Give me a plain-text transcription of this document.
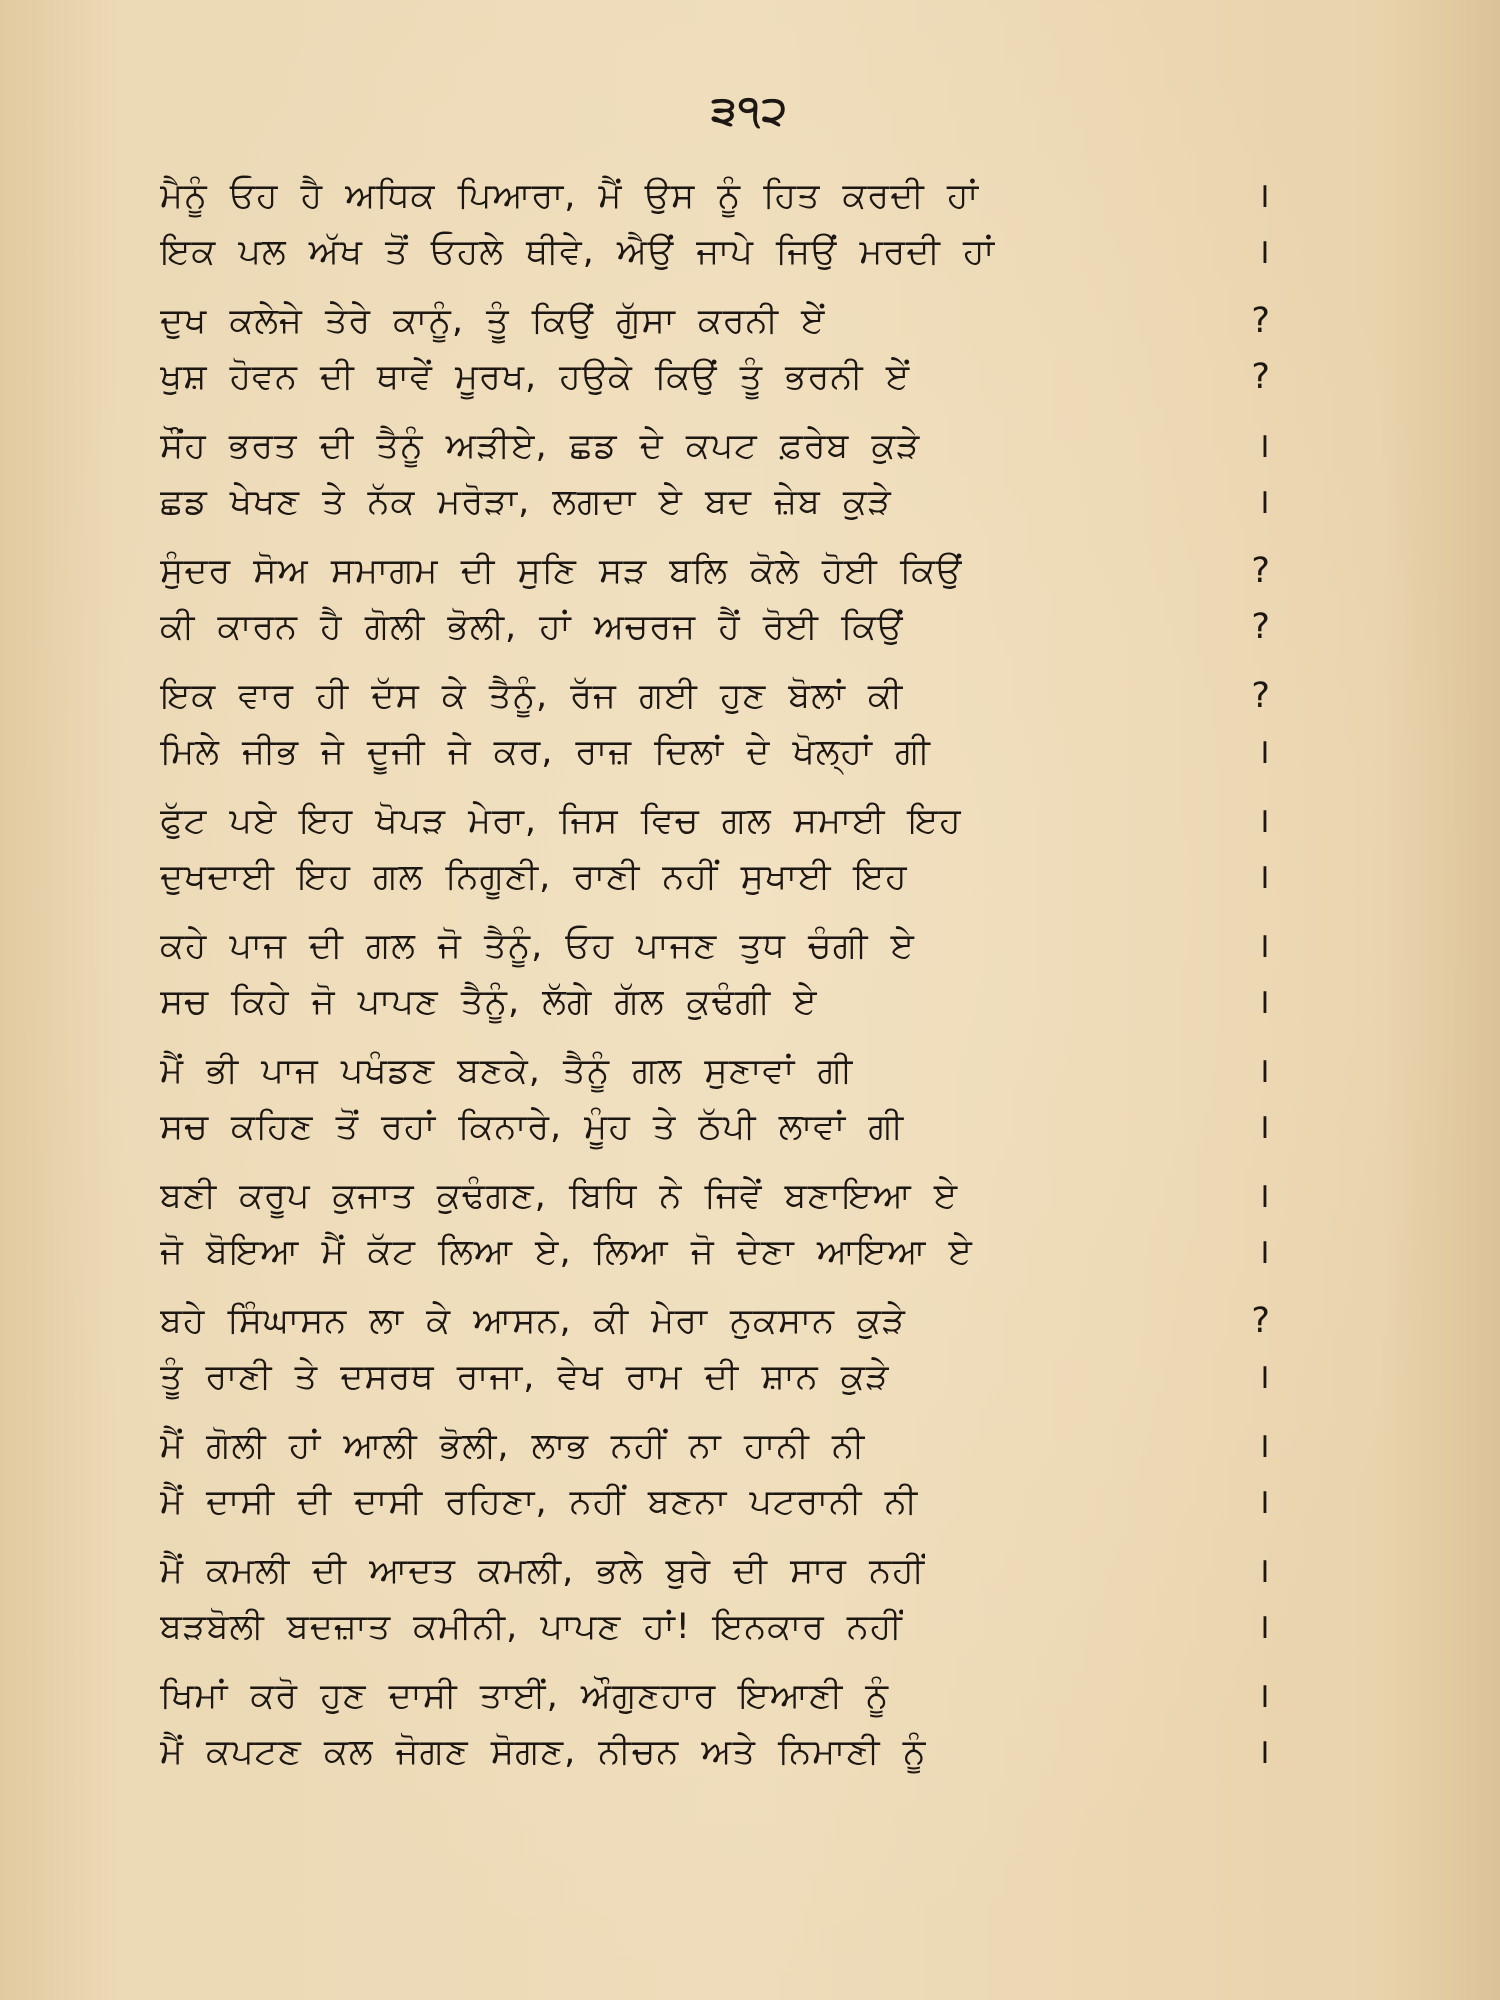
੩੧੨
ਮੈਨੂੰ ਓਹ ਹੈ ਅਧਿਕ ਪਿਆਰਾ, ਮੈਂ ਉਸ ਨੂੰ ਹਿਤ ਕਰਦੀ ਹਾਂ	।
ਇਕ ਪਲ ਅੱਖ ਤੋਂ ਓਹਲੇ ਥੀਵੇ, ਐਉਂ ਜਾਪੇ ਜਿਉਂ ਮਰਦੀ ਹਾਂ	।
ਦੁਖ ਕਲੇਜੇ ਤੇਰੇ ਕਾਨੂੰ, ਤੂੰ ਕਿਉਂ ਗੁੱਸਾ ਕਰਨੀ ਏਂ	?
ਖੁਸ਼ ਹੋਵਨ ਦੀ ਥਾਵੇਂ ਮੂਰਖ, ਹਉਕੇ ਕਿਉਂ ਤੂੰ ਭਰਨੀ ਏਂ	?
ਸੌਂਹ ਭਰਤ ਦੀ ਤੈਨੂੰ ਅੜੀਏ, ਛਡ ਦੇ ਕਪਟ ਫ਼ਰੇਬ ਕੁੜੇ	।
ਛਡ ਖੇਖਣ ਤੇ ਨੱਕ ਮਰੋੜਾ, ਲਗਦਾ ਏ ਬਦ ਜ਼ੇਬ ਕੁੜੇ	।
ਸੁੰਦਰ ਸੋਅ ਸਮਾਗਮ ਦੀ ਸੁਣਿ ਸੜ ਬਲਿ ਕੋਲੇ ਹੋਈ ਕਿਉਂ	?
ਕੀ ਕਾਰਨ ਹੈ ਗੋਲੀ ਭੋਲੀ, ਹਾਂ ਅਚਰਜ ਹੈਂ ਰੋਈ ਕਿਉਂ	?
ਇਕ ਵਾਰ ਹੀ ਦੱਸ ਕੇ ਤੈਨੂੰ, ਰੱਜ ਗਈ ਹੁਣ ਬੋਲਾਂ ਕੀ	?
ਮਿਲੇ ਜੀਭ ਜੇ ਦੂਜੀ ਜੇ ਕਰ, ਰਾਜ਼ ਦਿਲਾਂ ਦੇ ਖੋਲ੍ਹਾਂ ਗੀ	।
ਫੁੱਟ ਪਏ ਇਹ ਖੋਪੜ ਮੇਰਾ, ਜਿਸ ਵਿਚ ਗਲ ਸਮਾਈ ਇਹ	।
ਦੁਖਦਾਈ ਇਹ ਗਲ ਨਿਗੂਣੀ, ਰਾਣੀ ਨਹੀਂ ਸੁਖਾਈ ਇਹ	।
ਕਹੇ ਪਾਜ ਦੀ ਗਲ ਜੋ ਤੈਨੂੰ, ਓਹ ਪਾਜਣ ਤੁਧ ਚੰਗੀ ਏ	।
ਸਚ ਕਿਹੇ ਜੋ ਪਾਪਣ ਤੈਨੂੰ, ਲੱਗੇ ਗੱਲ ਕੁਢੰਗੀ ਏ	।
ਮੈਂ ਭੀ ਪਾਜ ਪਖੰਡਣ ਬਣਕੇ, ਤੈਨੂੰ ਗਲ ਸੁਣਾਵਾਂ ਗੀ	।
ਸਚ ਕਹਿਣ ਤੋਂ ਰਹਾਂ ਕਿਨਾਰੇ, ਮੂੰਹ ਤੇ ਠੱਪੀ ਲਾਵਾਂ ਗੀ	।
ਬਣੀ ਕਰੂਪ ਕੁਜਾਤ ਕੁਢੰਗਣ, ਬਿਧਿ ਨੇ ਜਿਵੇਂ ਬਣਾਇਆ ਏ	।
ਜੋ ਬੋਇਆ ਮੈਂ ਕੱਟ ਲਿਆ ਏ, ਲਿਆ ਜੋ ਦੇਣਾ ਆਇਆ ਏ	।
ਬਹੇ ਸਿੰਘਾਸਨ ਲਾ ਕੇ ਆਸਨ, ਕੀ ਮੇਰਾ ਨੁਕਸਾਨ ਕੁੜੇ	?
ਤੂੰ ਰਾਣੀ ਤੇ ਦਸਰਥ ਰਾਜਾ, ਵੇਖ ਰਾਮ ਦੀ ਸ਼ਾਨ ਕੁੜੇ	।
ਮੈਂ ਗੋਲੀ ਹਾਂ ਆਲੀ ਭੋਲੀ, ਲਾਭ ਨਹੀਂ ਨਾ ਹਾਨੀ ਨੀ	।
ਮੈਂ ਦਾਸੀ ਦੀ ਦਾਸੀ ਰਹਿਣਾ, ਨਹੀਂ ਬਣਨਾ ਪਟਰਾਨੀ ਨੀ	।
ਮੈਂ ਕਮਲੀ ਦੀ ਆਦਤ ਕਮਲੀ, ਭਲੇ ਬੁਰੇ ਦੀ ਸਾਰ ਨਹੀਂ	।
ਬੜਬੋਲੀ ਬਦਜ਼ਾਤ ਕਮੀਨੀ, ਪਾਪਣ ਹਾਂ! ਇਨਕਾਰ ਨਹੀਂ	।
ਖਿਮਾਂ ਕਰੋ ਹੁਣ ਦਾਸੀ ਤਾਈਂ, ਔਗੁਣਹਾਰ ਇਆਣੀ ਨੂੰ	।
ਮੈਂ ਕਪਟਣ ਕਲ ਜੋਗਣ ਸੋਗਣ, ਨੀਚਨ ਅਤੇ ਨਿਮਾਣੀ ਨੂੰ	।
